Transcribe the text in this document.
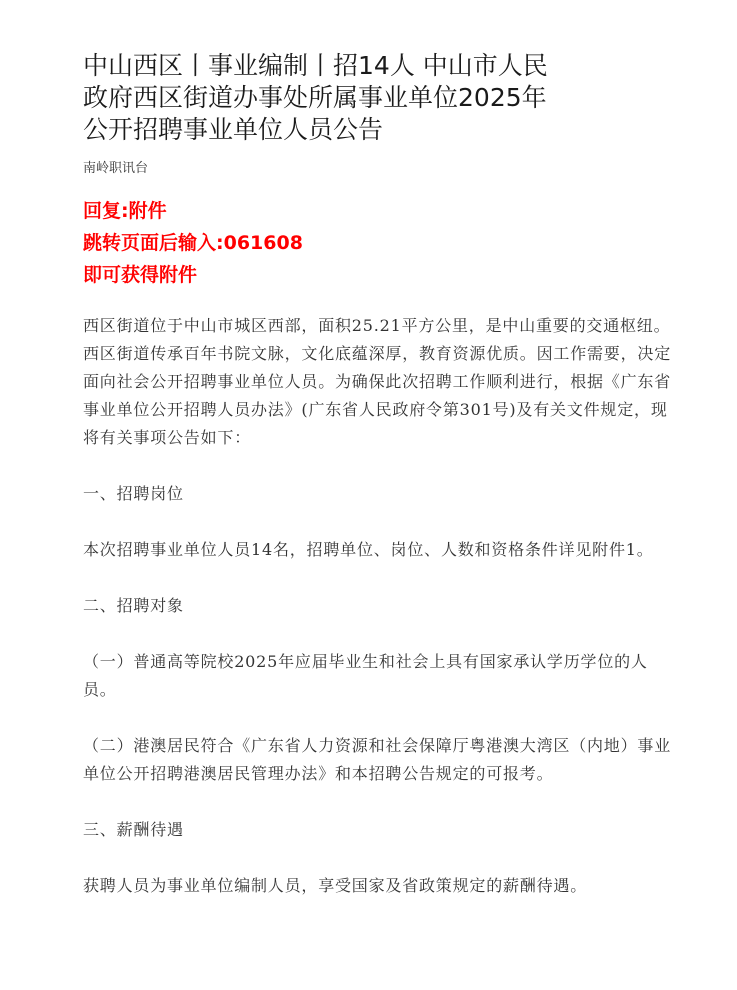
中山西区丨事业编制丨招14人 中山市人民政府西区街道办事处所属事业单位2025年公开招聘事业单位人员公告
南岭职讯台
回复:附件
跳转页面后输入:061608
即可获得附件

西区街道位于中山市城区西部，面积25.21平方公里，是中山重要的交通枢纽。西区街道传承百年书院文脉，文化底蕴深厚，教育资源优质。因工作需要，决定面向社会公开招聘事业单位人员。为确保此次招聘工作顺利进行，根据《广东省事业单位公开招聘人员办法》(广东省人民政府令第301号)及有关文件规定，现将有关事项公告如下：

一、招聘岗位

本次招聘事业单位人员14名，招聘单位、岗位、人数和资格条件详见附件1。

二、招聘对象

（一）普通高等院校2025年应届毕业生和社会上具有国家承认学历学位的人员。

（二）港澳居民符合《广东省人力资源和社会保障厅粤港澳大湾区（内地）事业单位公开招聘港澳居民管理办法》和本招聘公告规定的可报考。

三、薪酬待遇

获聘人员为事业单位编制人员，享受国家及省政策规定的薪酬待遇。
